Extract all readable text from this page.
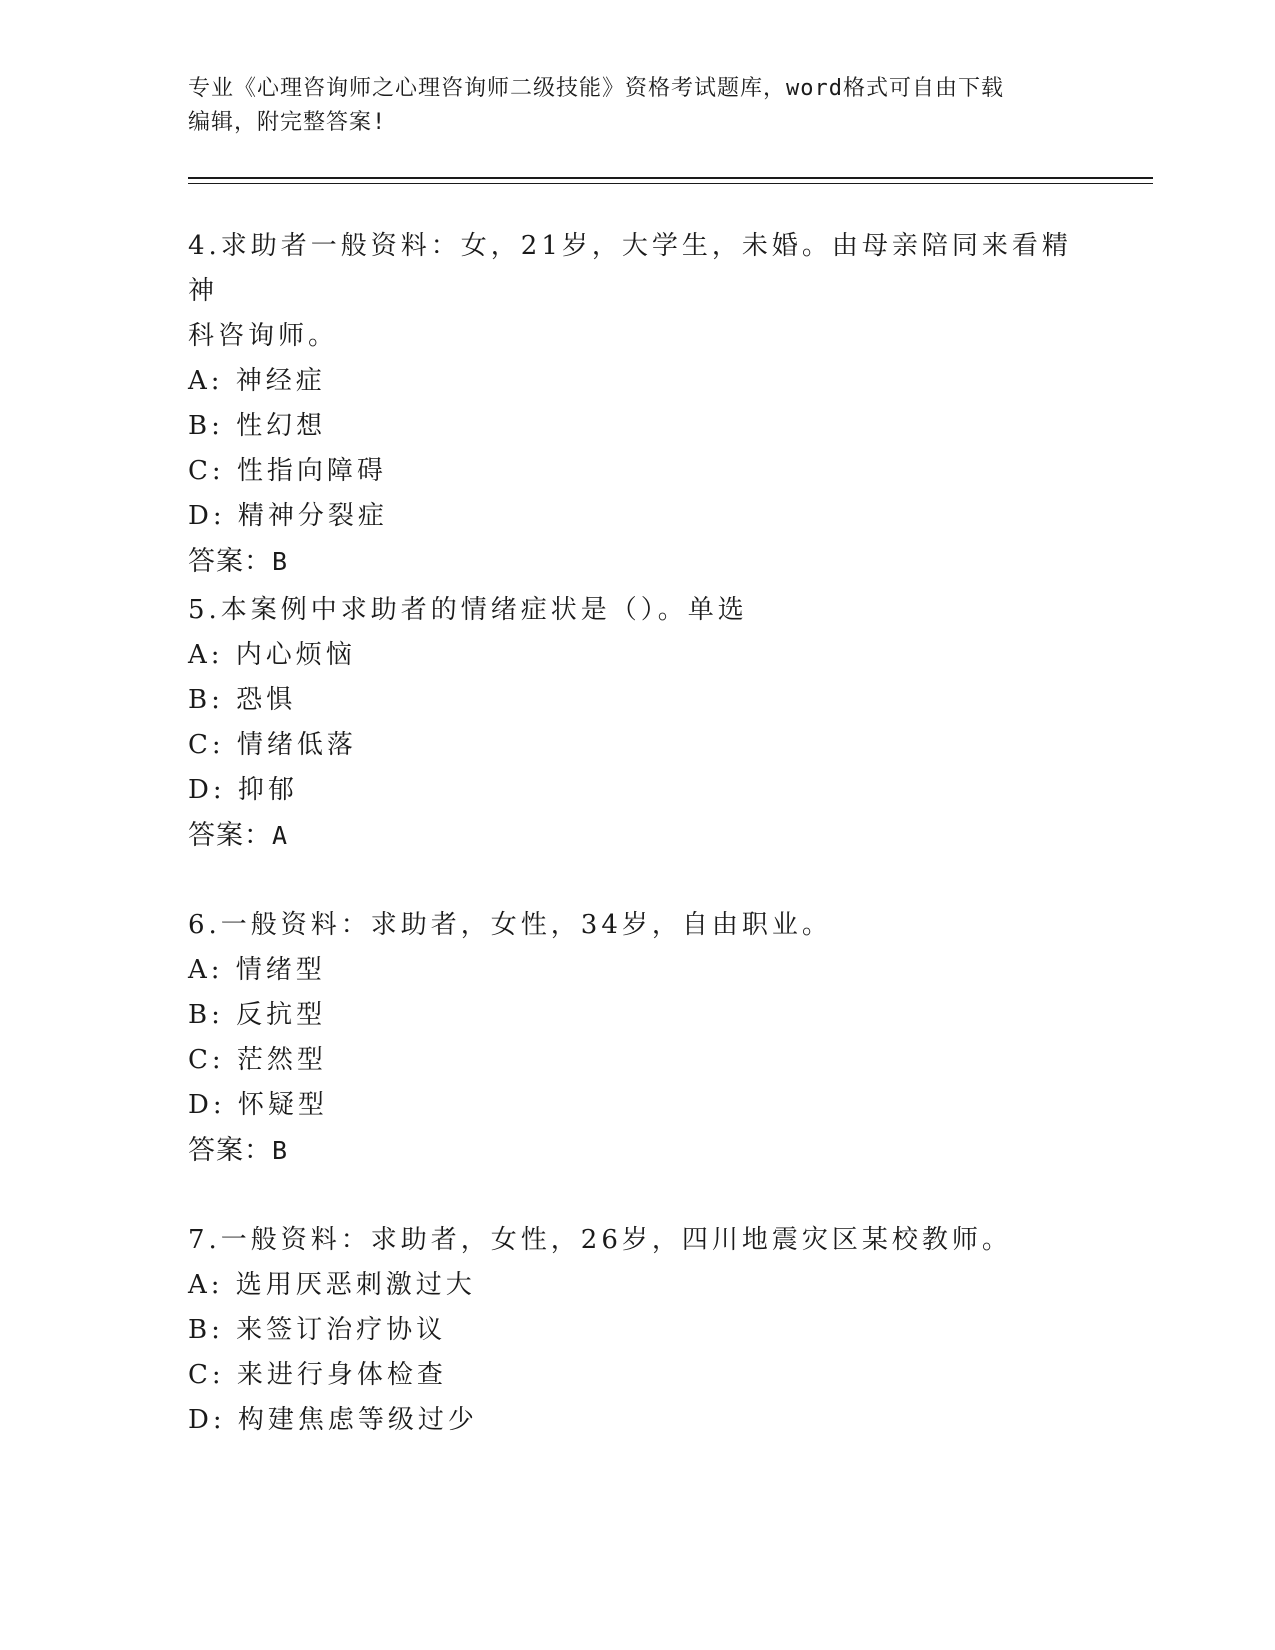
专业《心理咨询师之心理咨询师二级技能》资格考试题库，word格式可自由下载
编辑，附完整答案!

4.求助者一般资料：女，21岁，大学生，未婚。由母亲陪同来看精神

科咨询师。

A: 神经症

B: 性幻想

C: 性指向障碍

D: 精神分裂症

答案：B

5.本案例中求助者的情绪症状是（）。单选

A: 内心烦恼

B: 恐惧

C: 情绪低落

D: 抑郁

答案：A

6.一般资料：求助者，女性，34岁，自由职业。

A: 情绪型

B: 反抗型

C: 茫然型

D: 怀疑型

答案：B

7.一般资料：求助者，女性，26岁，四川地震灾区某校教师。

A: 选用厌恶刺激过大

B: 来签订治疗协议

C: 来进行身体检查

D: 构建焦虑等级过少
